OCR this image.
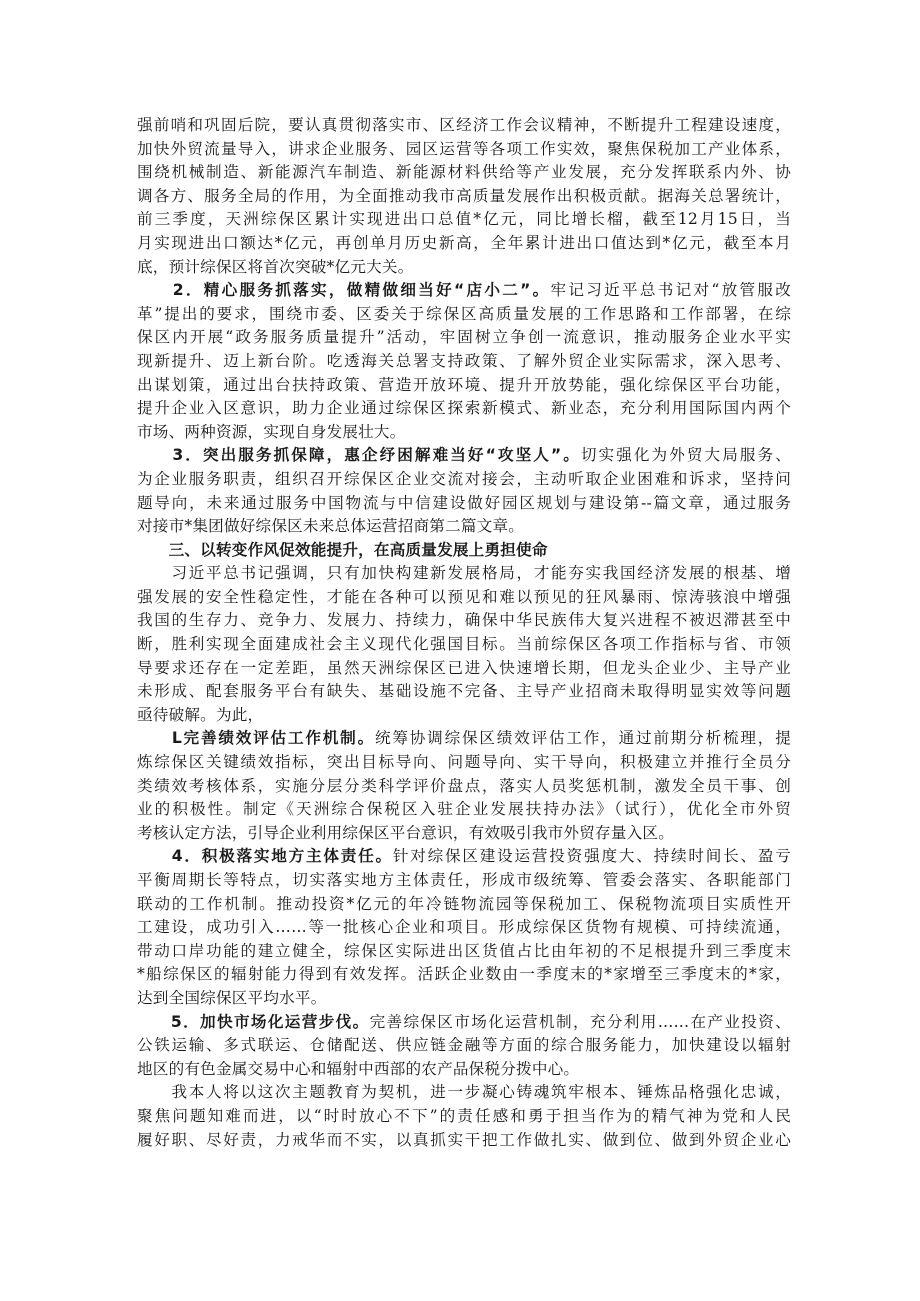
强前哨和巩固后院，要认真贯彻落实市、区经济工作会议精神，不断提升工程建设速度，
加快外贸流量导入，讲求企业服务、园区运营等各项工作实效，聚焦保税加工产业体系，
围绕机械制造、新能源汽车制造、新能源材料供给等产业发展，充分发挥联系内外、协
调各方、服务全局的作用，为全面推动我市高质量发展作出积极贡献。据海关总署统计，
前三季度，天洲综保区累计实现进出口总值*亿元，同比增长榴，截至12月15日，当
月实现进出口额达*亿元，再创单月历史新高，全年累计进出口值达到*亿元，截至本月
底，预计综保区将首次突破*亿元大关。
　　2．精心服务抓落实，做精做细当好“店小二”。牢记习近平总书记对“放管服改
革”提出的要求，围绕市委、区委关于综保区高质量发展的工作思路和工作部署，在综
保区内开展“政务服务质量提升”活动，牢固树立争创一流意识，推动服务企业水平实
现新提升、迈上新台阶。吃透海关总署支持政策、了解外贸企业实际需求，深入思考、
出谋划策，通过出台扶持政策、营造开放环境、提升开放势能，强化综保区平台功能，
提升企业入区意识，助力企业通过综保区探索新模式、新业态，充分利用国际国内两个
市场、两种资源，实现自身发展壮大。
　　3．突出服务抓保障，惠企纾困解难当好“攻坚人”。切实强化为外贸大局服务、
为企业服务职责，组织召开综保区企业交流对接会，主动听取企业困难和诉求，坚持问
题导向，未来通过服务中国物流与中信建设做好园区规划与建设第--篇文章，通过服务
对接市*集团做好综保区未来总体运营招商第二篇文章。
　　三、以转变作风促效能提升，在高质量发展上勇担使命
　　习近平总书记强调，只有加快构建新发展格局，才能夯实我国经济发展的根基、增
强发展的安全性稳定性，才能在各种可以预见和难以预见的狂风暴雨、惊涛骇浪中增强
我国的生存力、竞争力、发展力、持续力，确保中华民族伟大复兴进程不被迟滞甚至中
断，胜利实现全面建成社会主义现代化强国目标。当前综保区各项工作指标与省、市领
导要求还存在一定差距，虽然天洲综保区已进入快速增长期，但龙头企业少、主导产业
未形成、配套服务平台有缺失、基础设施不完备、主导产业招商未取得明显实效等问题
亟待破解。为此，
　　L完善绩效评估工作机制。统筹协调综保区绩效评估工作，通过前期分析梳理，提
炼综保区关键绩效指标，突出目标导向、问题导向、实干导向，积极建立并推行全员分
类绩效考核体系，实施分层分类科学评价盘点，落实人员奖惩机制，激发全员干事、创
业的积极性。制定《天洲综合保税区入驻企业发展扶持办法》（试行），优化全市外贸
考核认定方法，引导企业利用综保区平台意识，有效吸引我市外贸存量入区。
　　4．积极落实地方主体责任。针对综保区建设运营投资强度大、持续时间长、盈亏
平衡周期长等特点，切实落实地方主体责任，形成市级统筹、管委会落实、各职能部门
联动的工作机制。推动投资*亿元的年冷链物流园等保税加工、保税物流项目实质性开
工建设，成功引入……等一批核心企业和项目。形成综保区货物有规模、可持续流通，
带动口岸功能的建立健全，综保区实际进出区货值占比由年初的不足根提升到三季度末
*船综保区的辐射能力得到有效发挥。活跃企业数由一季度末的*家增至三季度末的*家，
达到全国综保区平均水平。
　　5．加快市场化运营步伐。完善综保区市场化运营机制，充分利用……在产业投资、
公铁运输、多式联运、仓储配送、供应链金融等方面的综合服务能力，加快建设以辐射
地区的有色金属交易中心和辐射中西部的农产品保税分拨中心。
　　我本人将以这次主题教育为契机，进一步凝心铸魂筑牢根本、锤炼品格强化忠诚，
聚焦问题知难而进，以“时时放心不下”的责任感和勇于担当作为的精气神为党和人民
履好职、尽好责，力戒华而不实，以真抓实干把工作做扎实、做到位、做到外贸企业心
